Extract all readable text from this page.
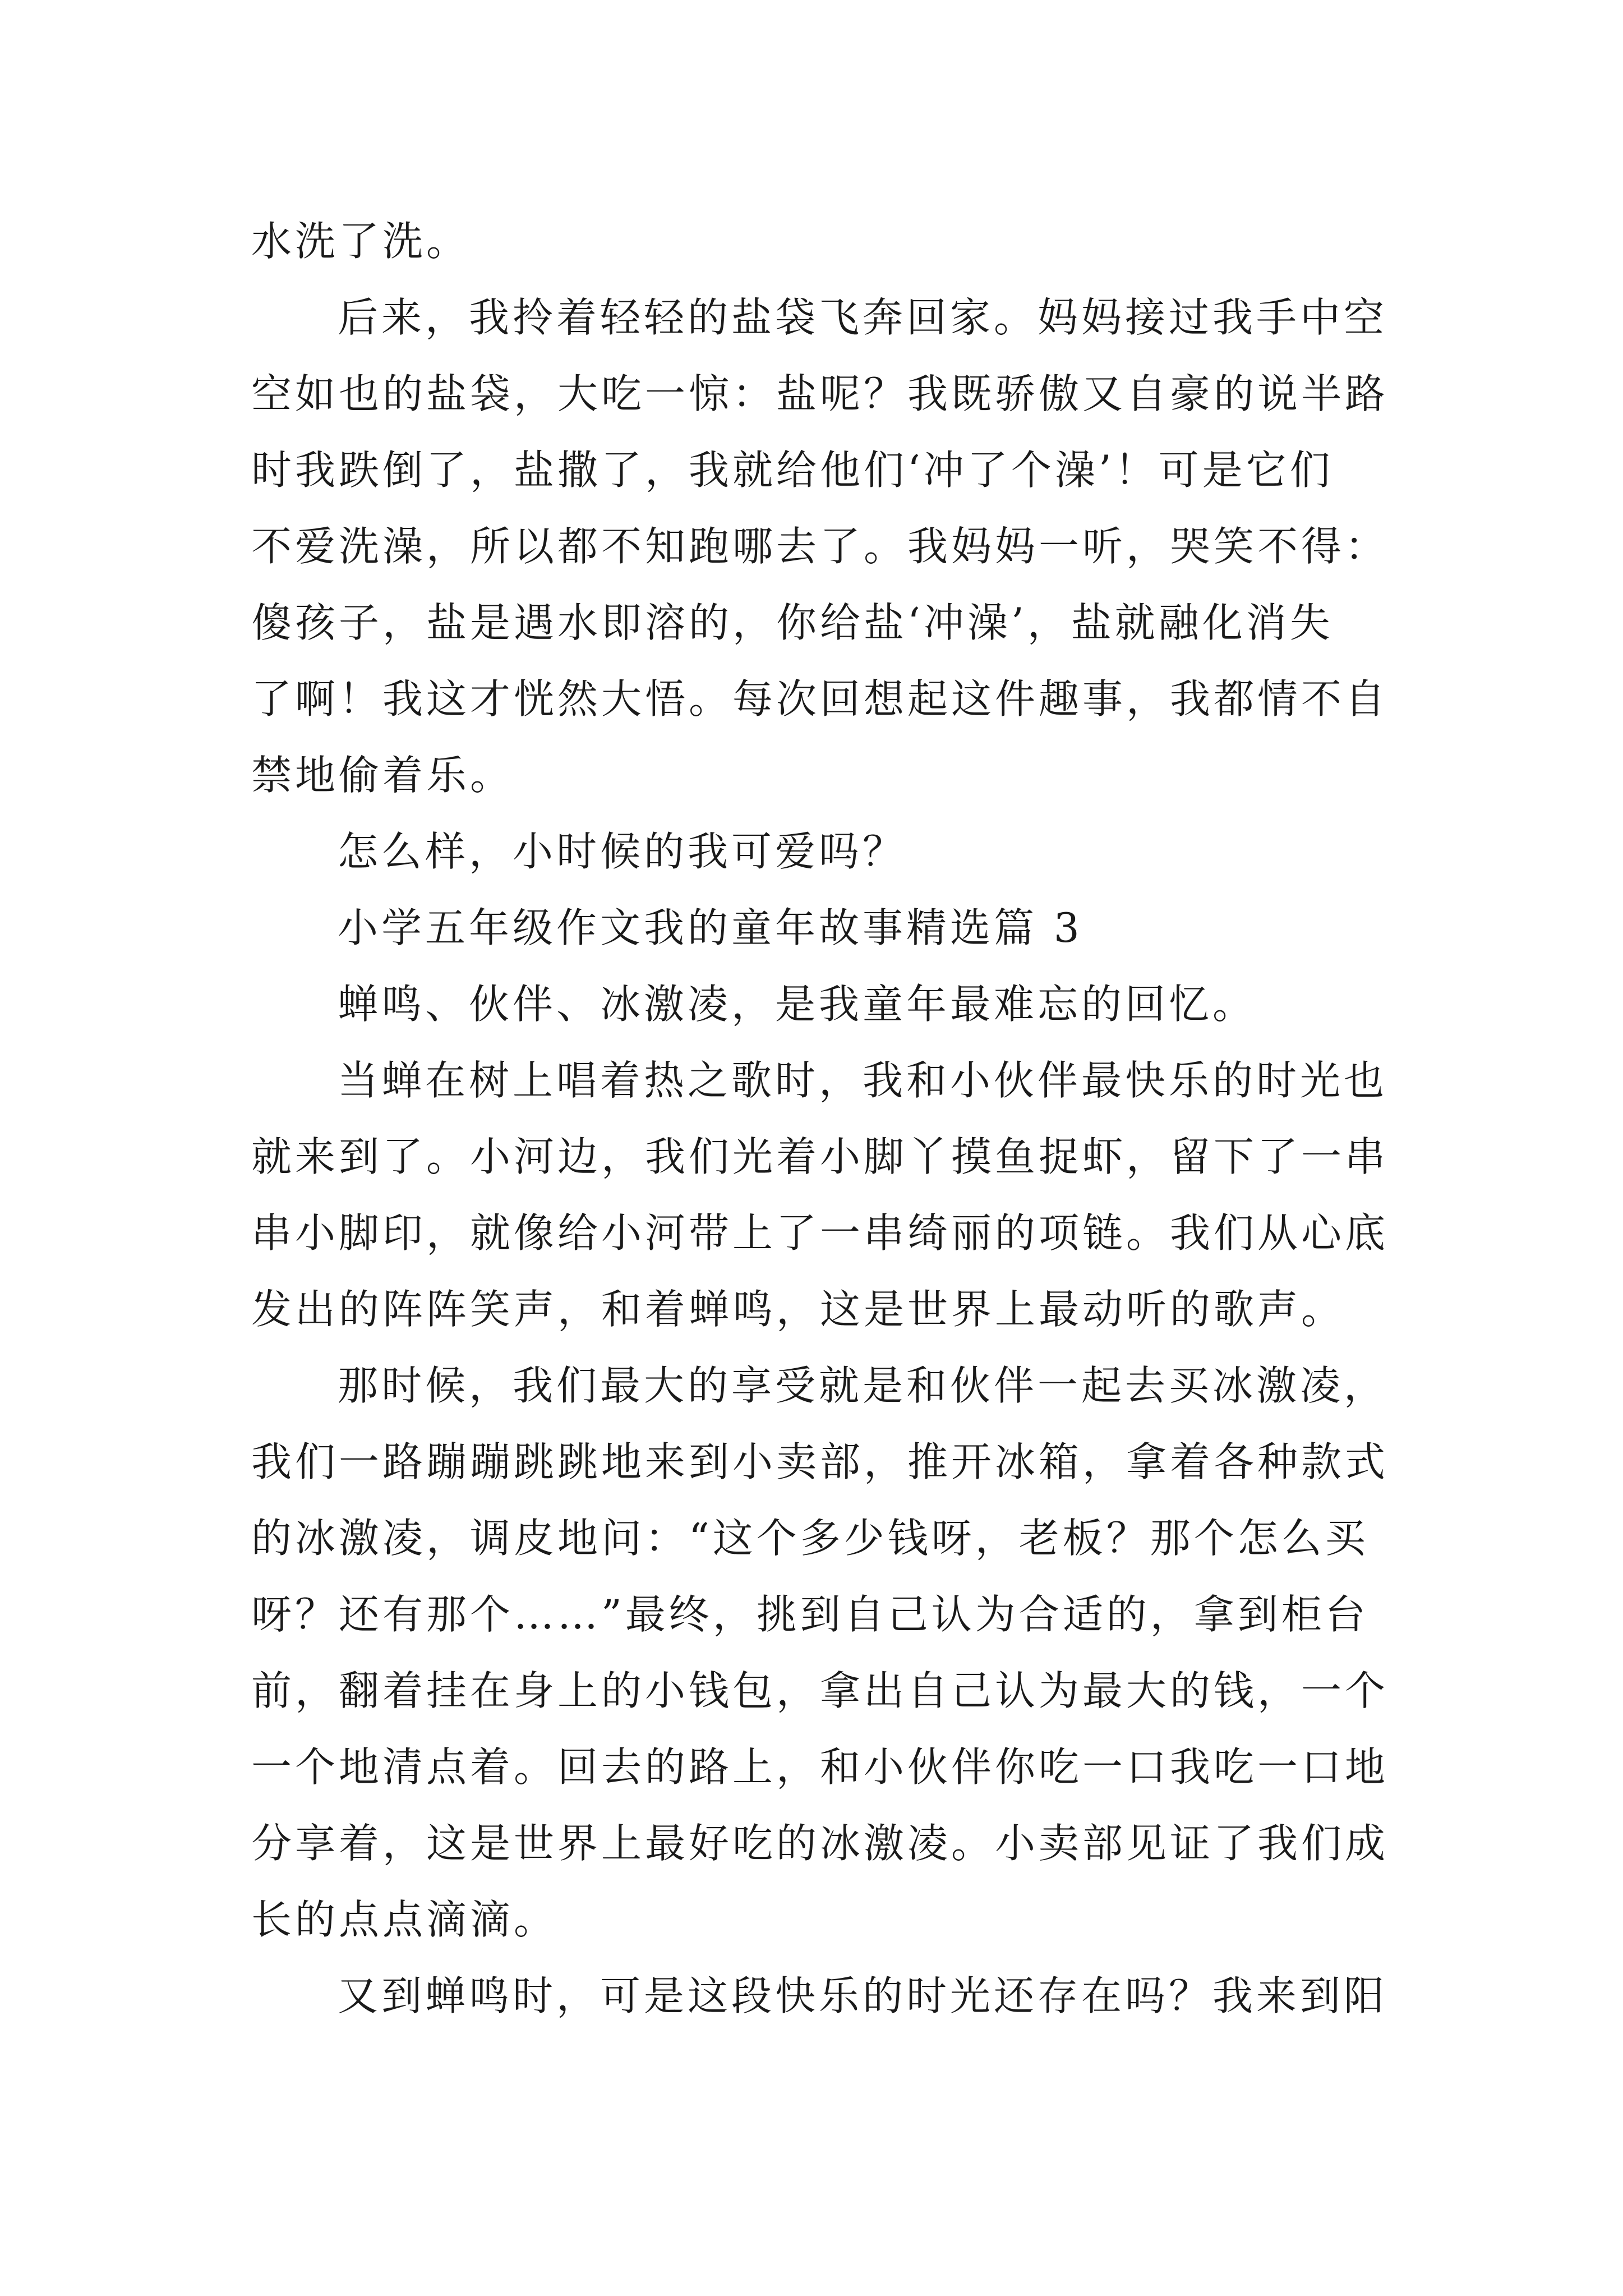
水洗了洗。
后来，我拎着轻轻的盐袋飞奔回家。妈妈接过我手中空
空如也的盐袋，大吃一惊：盐呢？我既骄傲又自豪的说半路
时我跌倒了，盐撒了，我就给他们‘冲了个澡’！可是它们
不爱洗澡，所以都不知跑哪去了。我妈妈一听，哭笑不得：
傻孩子，盐是遇水即溶的，你给盐‘冲澡’，盐就融化消失
了啊！我这才恍然大悟。每次回想起这件趣事，我都情不自
禁地偷着乐。
怎么样，小时候的我可爱吗？
小学五年级作文我的童年故事精选篇 3
蝉鸣、伙伴、冰激凌，是我童年最难忘的回忆。
当蝉在树上唱着热之歌时，我和小伙伴最快乐的时光也
就来到了。小河边，我们光着小脚丫摸鱼捉虾，留下了一串
串小脚印，就像给小河带上了一串绮丽的项链。我们从心底
发出的阵阵笑声，和着蝉鸣，这是世界上最动听的歌声。
那时候，我们最大的享受就是和伙伴一起去买冰激凌，
我们一路蹦蹦跳跳地来到小卖部，推开冰箱，拿着各种款式
的冰激凌，调皮地问：“这个多少钱呀，老板？那个怎么买
呀？还有那个……”最终，挑到自己认为合适的，拿到柜台
前，翻着挂在身上的小钱包，拿出自己认为最大的钱，一个
一个地清点着。回去的路上，和小伙伴你吃一口我吃一口地
分享着，这是世界上最好吃的冰激凌。小卖部见证了我们成
长的点点滴滴。
又到蝉鸣时，可是这段快乐的时光还存在吗？我来到阳
